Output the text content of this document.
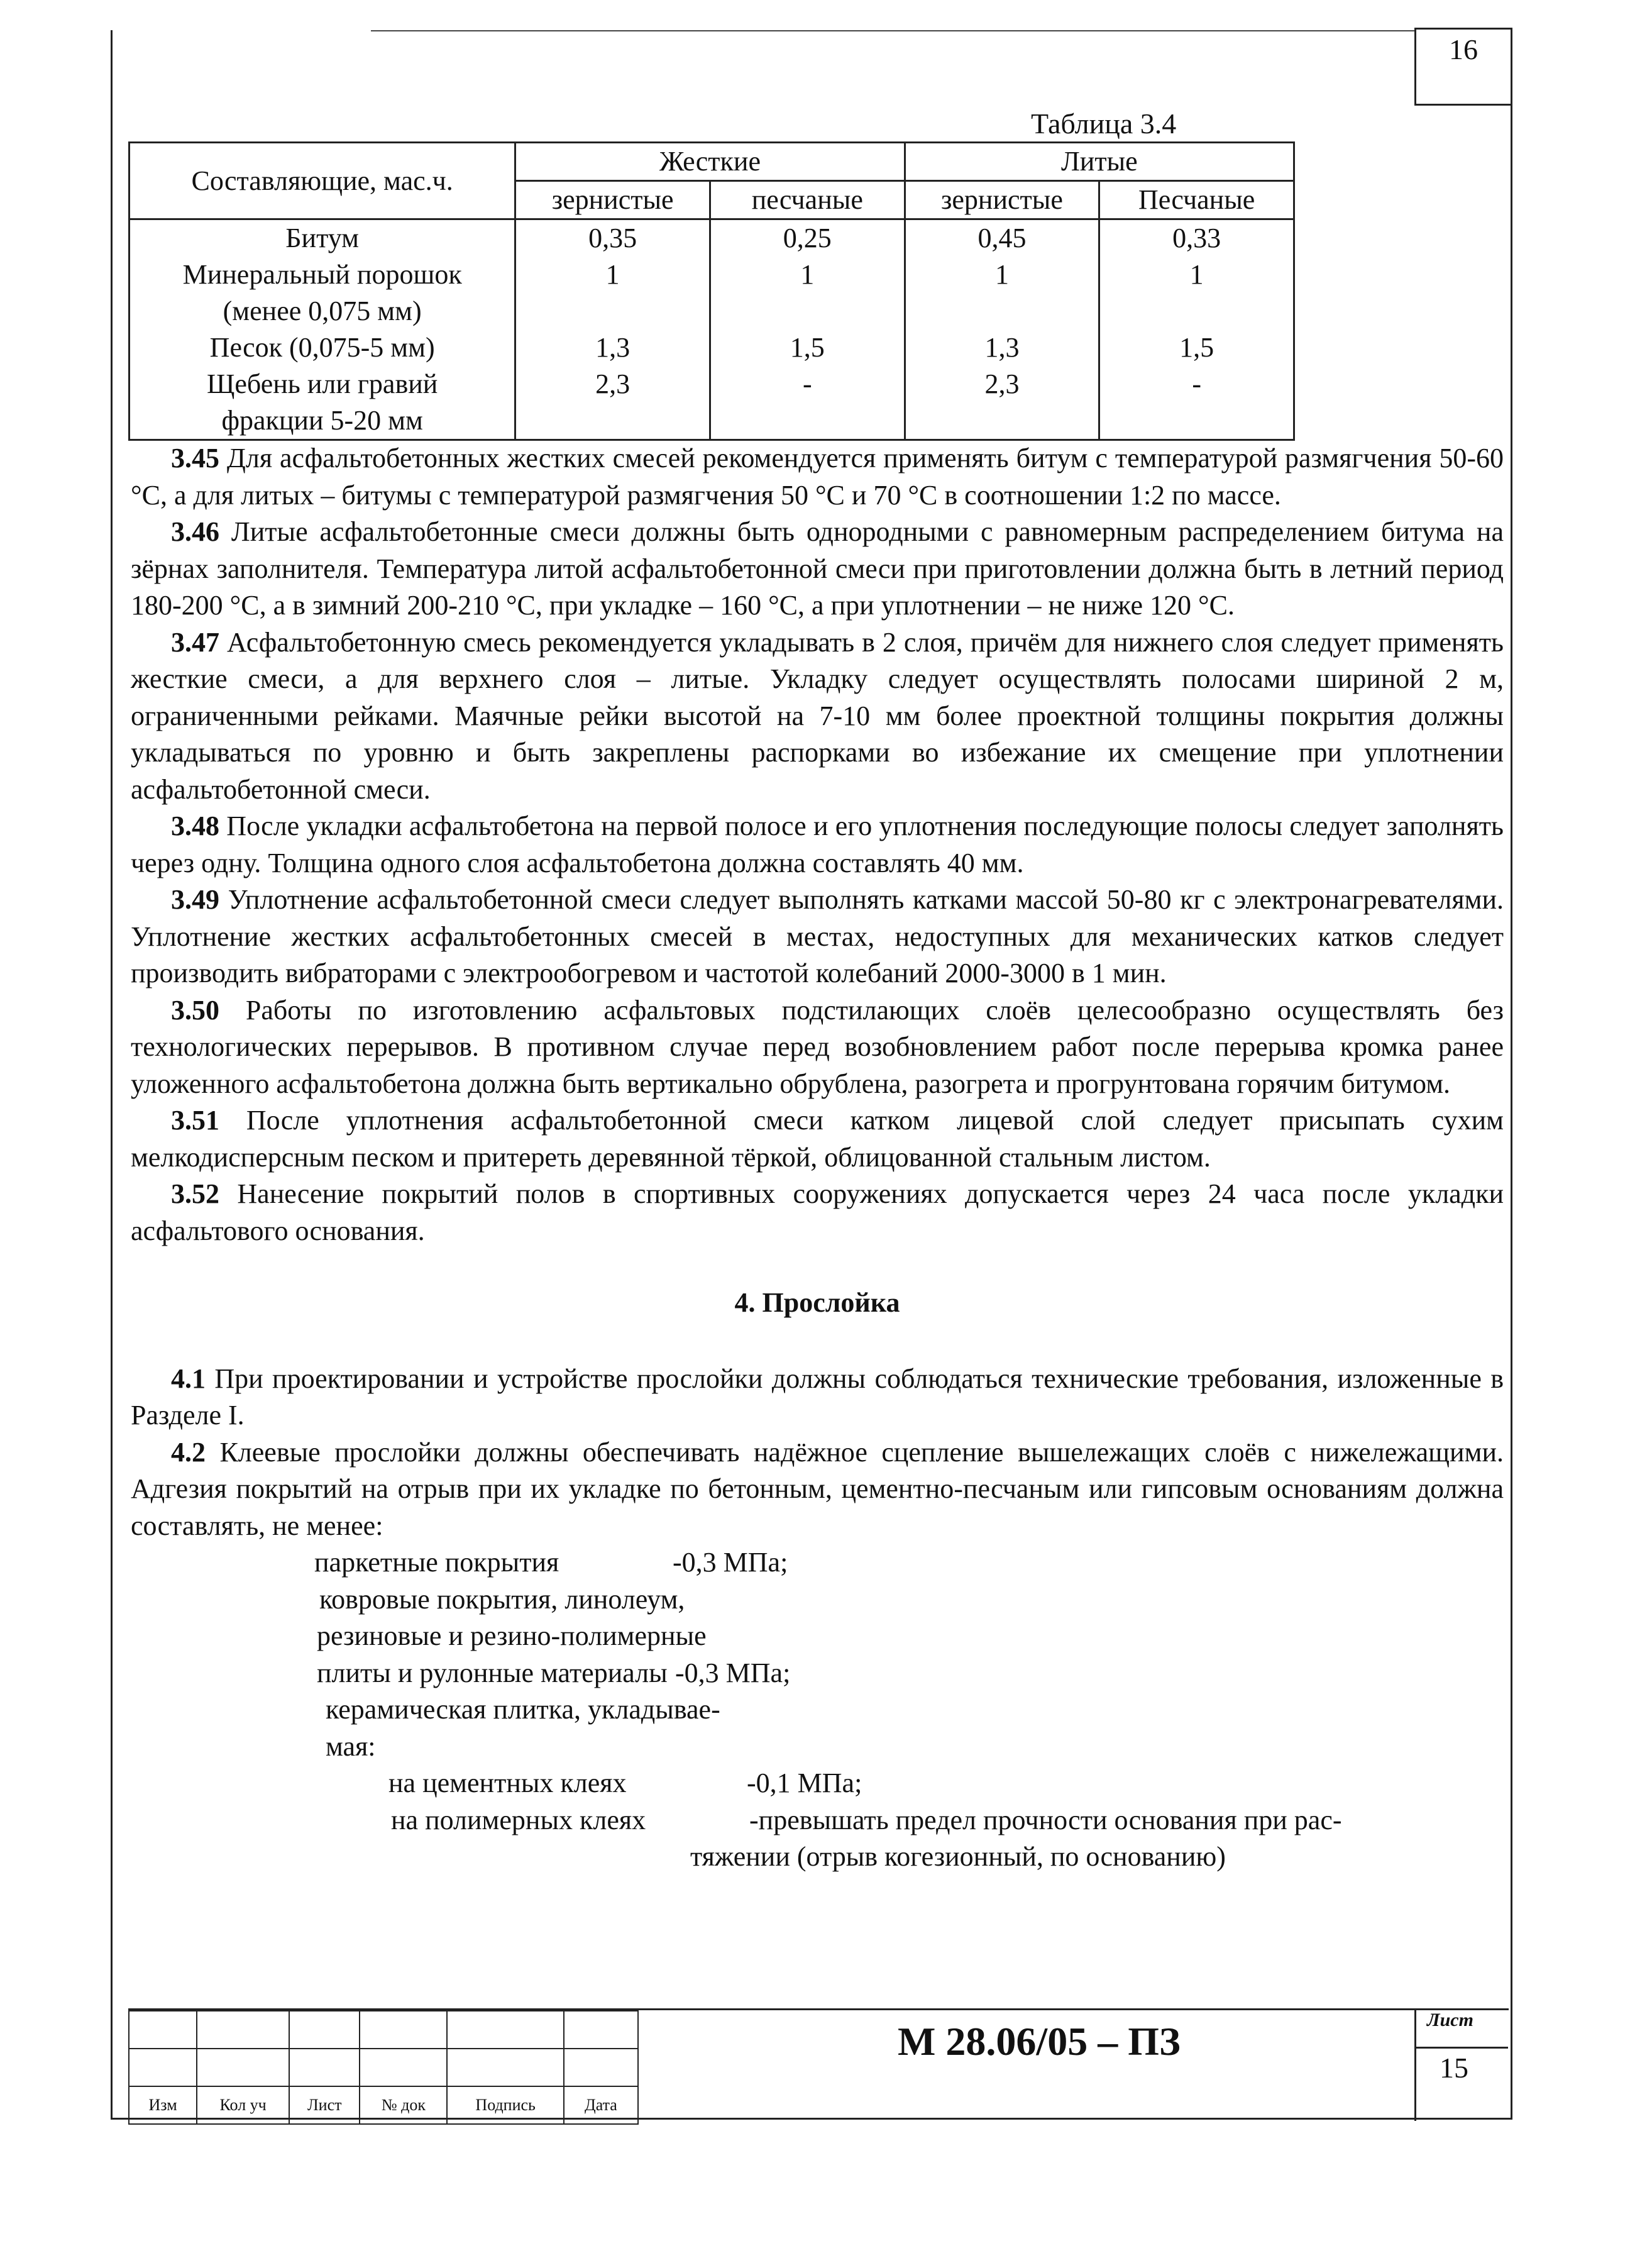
16
Таблица 3.4
Составляющие, мас.ч.	Жесткие		Литые	
	зернистые	песчаные	зернистые	Песчаные
Битум	0,35	0,25	0,45	0,33
Минеральный порошок	1	1	1	1
(менее 0,075 мм)				
Песок (0,075-5 мм)	1,3	1,5	1,3	1,5
Щебень или гравий	2,3	-	2,3	-
фракции 5-20 мм				

3.45 Для асфальтобетонных жестких смесей рекомендуется применять битум с температурой размягчения 50-60 °С, а для литых – битумы с температурой размягчения 50 °С и 70 °С в соотношении 1:2 по массе.

3.46 Литые асфальтобетонные смеси должны быть однородными с равномерным распределением битума на зёрнах заполнителя. Температура литой асфальтобетонной смеси при приготовлении должна быть в летний период 180-200 °С, а в зимний 200-210 °С, при укладке – 160 °С, а при уплотнении – не ниже 120 °С.

3.47 Асфальтобетонную смесь рекомендуется укладывать в 2 слоя, причём для нижнего слоя следует применять жесткие смеси, а для верхнего слоя – литые. Укладку следует осуществлять полосами шириной 2 м, ограниченными рейками. Маячные рейки высотой на 7-10 мм более проектной толщины покрытия должны укладываться по уровню и быть закреплены распорками во избежание их смещение при уплотнении асфальтобетонной смеси.

3.48 После укладки асфальтобетона на первой полосе и его уплотнения последующие полосы следует заполнять через одну. Толщина одного слоя асфальтобетона должна составлять 40 мм.

3.49 Уплотнение асфальтобетонной смеси следует выполнять катками массой 50-80 кг с электронагревателями. Уплотнение жестких асфальтобетонных смесей в местах, недоступных для механических катков следует производить вибраторами с электрообогревом и частотой колебаний 2000-3000 в 1 мин.

3.50 Работы по изготовлению асфальтовых подстилающих слоёв целесообразно осуществлять без технологических перерывов. В противном случае перед возобновлением работ после перерыва кромка ранее уложенного асфальтобетона должна быть вертикально обрублена, разогрета и прогрунтована горячим битумом.

3.51 После уплотнения асфальтобетонной смеси катком лицевой слой следует присыпать сухим мелкодисперсным песком и притереть деревянной тёркой, облицованной стальным листом.

3.52 Нанесение покрытий полов в спортивных сооружениях допускается через 24 часа после укладки асфальтового основания.

4. Прослойка

4.1 При проектировании и устройстве прослойки должны соблюдаться технические требования, изложенные в Разделе I.

4.2 Клеевые прослойки должны обеспечивать надёжное сцепление вышележащих слоёв с нижележащими. Адгезия покрытий на отрыв при их укладке по бетонным, цементно-песчаным или гипсовым основаниям должна составлять, не менее:

паркетные покрытия	-0,3 МПа;
ковровые покрытия, линолеум,
резиновые и резино-полимерные
плиты и рулонные материалы -0,3 МПа;
керамическая плитка, укладывае-
мая:
на цементных клеях	-0,1 МПа;
на полимерных клеях	-превышать предел прочности основания при рас-
тяжении (отрыв когезионный, по основанию)

Изм	Кол уч	Лист	№ док	Подпись	Дата
М 28.06/05 – ПЗ	Лист
15
